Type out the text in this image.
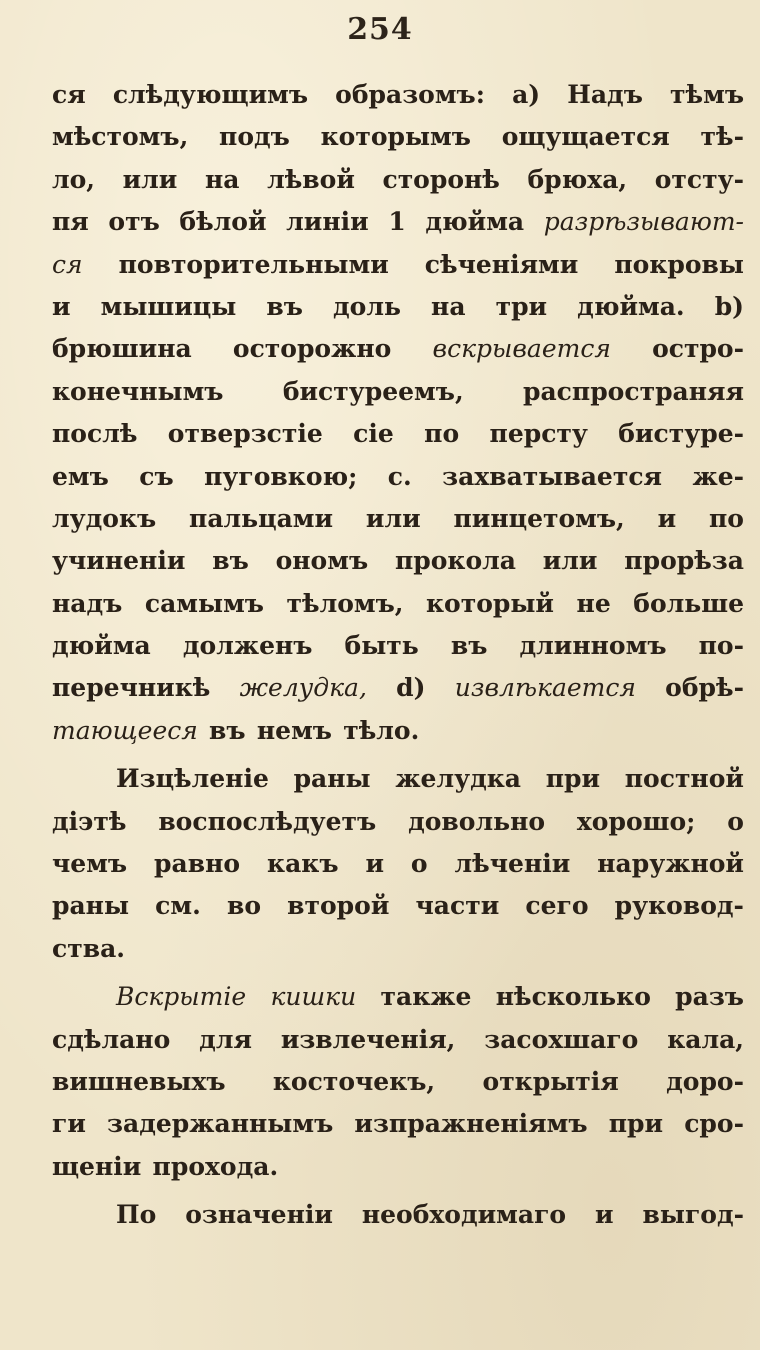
254
ся слѣдующимъ образомъ: а) Надъ тѣмъ
мѣстомъ, подъ которымъ ощущается тѣ-
ло, или на лѣвой сторонѣ брюха, отсту-
пя отъ бѣлой линіи 1 дюйма разрѣзывают-
ся повторительными сѣченіями покровы
и мышицы въ доль на три дюйма. b)
брюшина осторожно вскрывается остро-
конечнымъ бистуреемъ, распространяя
послѣ отверзстіе сіе по персту бистуре-
емъ съ пуговкою; с. захватывается же-
лудокъ пальцами или пинцетомъ, и по
учиненіи въ ономъ прокола или прорѣза
надъ самымъ тѣломъ, который не больше
дюйма долженъ быть въ длинномъ по-
перечникѣ желудка, d) извлѣкается обрѣ-
тающееся въ немъ тѣло.
Изцѣленіе раны желудка при постной
діэтѣ воспослѣдуетъ довольно хорошо; о
чемъ равно какъ и о лѣченіи наружной
раны см. во второй части сего руковод-
ства.
Вскрытіе кишки также нѣсколько разъ
сдѣлано для извлеченія, засохшаго кала,
вишневыхъ косточекъ, открытія доро-
ги задержаннымъ изпражненіямъ при сро-
щеніи прохода.
По означеніи необходимаго и выгод-
